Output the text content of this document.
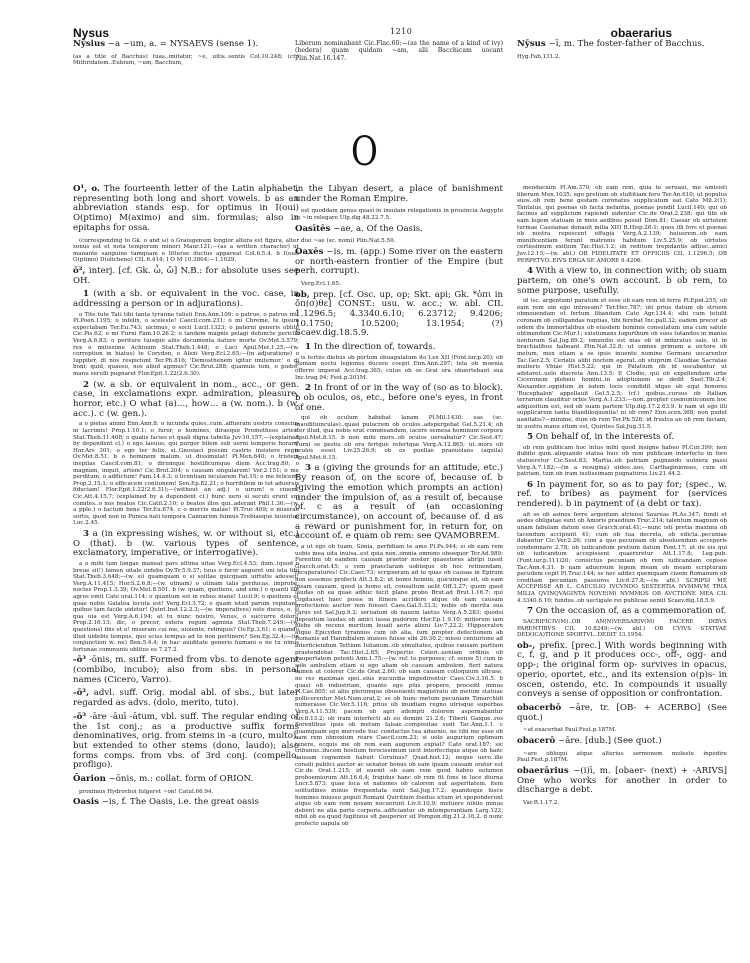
Nysus	1210	obaerarius
Nȳsius ~a ~um, a. = NYSAEVS (sense 1).
(as a title of Bacchus) tuas..imitatur, ~e, uitis..sentis Col.10.248; (cf.) Mithridatem..Eubium, ~um, Bacchum,
Liberum nominabant Cic.Flac.60;—(as the name of a kind of ivy) (hedera) quam quidam ~am, alii Bacchicam uocant Plin.Nat.16.147.
Nȳsus ~ī, m. The foster-father of Bacchus.
Hyg.Fab.131.2.
O
O¹, o. The fourteenth letter of the Latin alphabet, representing both long and short vowels. b as an abbreviation stands esp. for optimus in I(oui) O(ptimo) M(aximo) and sim. formulas; also in epitaphs for ossa.
(corresponding to Gk. o and ω) o Graiugenum longior altera est figura, alter sonus est et nota temporum minori Maur.121;—(as a written character) ut manante sanguine tamquam o litterae ductus appareat Col.6.5.4. b I(oui) O(ptimo) D(olicheno) CIL 6.414; I O M 10.3804;—1.1029.
ō², interj. [cf. Gk. ὦ, ὤ] N.B.: for absolute uses see OH.
1 (with a sb. or equivalent in the voc. case, in addressing a person or in adjurations).
o Tite tute Tati tibi tanta tyranne tulisti Enn.Ann.109; o patrue, o patrue mi! Pl.Poen.1195; o infelix, o sceleste! Caecil.com.231; o mi Chreme, te ipsum expectabam Ter.Eu.743; uicimus, o socii Lucil.1323; o paterni generis oblite Cic.Pis.62; o mi Furni Fam.10.26.2; o tandem magnis pelagi defuncte periclis Verg.A.6.83; o periture tuisque aliis documenta dature morte Ov.Met.3.579; rex o mitissime Achiuum Stat.Theb.1.448; o Luci Apul.Met.1.25;—(w. correption in hiatus) te Corydon, o Alexi Verg.Ecl.2.65;—(in adjurations) o Iuppiter, di nos respiciunt Ter.Ph.816; 'Demosthenem igitur imitemur.' o di boni; quid, quaeso, nos aliud agimus? Cic.Brut.288; quamuis tum, o pudor, manu serulli pugnaret Flor.Epit.1.22(2.6.30).
2 (w. a sb. or equivalent in nom., acc., or gen. case, in exclamations expr. admiration, pleasure, horror, etc.) O what (a)…, how… a (w. nom.). b (w. acc.). c (w. gen.).
a o pietas animi Enn.Ann.8; o iucunda quies..cum..affueram uestris conscius in lacrimis! Prop.1.10.1; o furor, o homines, diraeque Prometheos artes! Stat.Theb.11.468; o qualis facies et quali digna tabella Juv.10.157;—(explained by dependent cl.) o ego laeuus, qui purgor bilem sub uerni temporis horam! Hor.Ars 301; o ego ter felix, si..Gnosiaci possim castris insistere regis Ov.Met.8.51. b o hominem malum, ut dissimulat! Pl.Men.640; o tristem ineptias Caecil.com.81; o dirumque hostificumque diem Acc.trag.80; o magnam, inquit, artem! Cic.Brut.204; o causam singularem! Ver.2.151; o me perditum, o adflictum! Fam.14.4.3; o licentiam iocularem Fat.15; o me felicem! Prop.2.15.1; o efficacem contionem! Sen.Ep.82.21; o horribilem in tot aduersis fiduciam! Flor.Epit.1.22(2.6.31);—(without an adj.) o uirum! o ciuem! Cic.Att.4.15.7; (explained by a dependent cl.) hunc uero si secuti erunt sui comites..o nos beatos Cic.Catil.2.10; o beatos illos qui..aderant Phil.1.36;—(w. a pple.) o factum bene Ter.Eu.674. c o mercis malae! Pl.Truc.409; o miserae sortis, quod non in Punica nati tempora Cannarum fuimus Trebiaeque iuuentus Luc.2.45.
3 a (in expressing wishes, w. or without si, etc.) O (that). b (w. various types of sentence, exclamatory, imperative, or interrogative).
a o mihi tum longae maneat pars ultima uitae Verg.Ecl.4.53; dum..(quod o breue sit!) lumen uitale uidebo Ov.Tr.5.9.37; tuus o furor auguret uni ista tibi Stat.Theb.3.648;—(w. si) quamquam o si solitae quicquam uirtutis adesset! Verg.A.11.415; Hor.S.2.6.8;—(w. utinam) o utinam talis perducas, improbe, noctes Prop.1.3.39; Ov.Met.8.501. b (w. quam, quotiens, and sim.) o quanti ille agros emit Cato orat.114; o quantum est in rebus inane! Lucil.9; o quotiens et quae nobis Galatea locuta est! Verg.Ecl.3.72; o quam istud parum reputant, quibus tam facile uidetur! Quint.Inst.12.2.3;—(w. imperatives) este duces, o, si qua uia est Verg.A.6.194; at tu nunc nostro, Venus, o succurre dolori! Prop.2.16.13; dic, o precor, extera regum agmina Stat.Theb.7.249;—(w. questions) ibis et o! miseram cui me, uiolente, relinquis? Ov.Ep.3.61; o quando illud uidebis tempus, quo scies tempus ad te non pertinere? Sen.Ep.32.4;—(in conjunction w. ne) Ben.5.4.4; in hac auiditate generis humani o ne tu nimis fortunae communis oblitus es 7.27.2.
-ō³ -ōnis, m. suff. Formed from vbs. to denote agent (combibo, incubo); also from sbs. in personal names (Cicero, Varro).
-ō², advl. suff. Orig. modal abl. of sbs., but later regarded as advs. (dolo, merito, tuto).
-ō³ -āre -āuī -ātum, vbl. suff. The regular ending of the 1st conj.; as a productive suffix forms denominatives, orig. from stems in -a (curo, multo), but extended to other stems (dono, laudo); also forms comps. from vbs. of 3rd conj. (compello, profligo).
Ōarion ~ōnis, m.: collat. form of ORION.
proximus Hydrochoi fulgeret ~on! Catul.66.94.
Oasis ~is, f. The Oasis, i.e. the great oasis
in the Libyan desert, a place of banishment under the Roman Empire.
est quoddam genus quasi in insulam relegationis in prouincia Aegypto in ~in relegare Ulp.dig.48.22.7.5.
Oasītēs ~ae, a. Of the Oasis.
duo ~ae (sc. nomi) Plin.Nat.5.50.
Oaxēs ~is, m. (app.) Some river on the eastern or north-eastern frontier of the Empire (but perh. corrupt).
Verg.Ecl.1.65.
ob, prep. [cf. Osc. up, op; Skt. api; Gk. *ὀπι in ὄπ(σ)θε] CONST.: usu. w. acc.; w. abl. CIL 1.1296.5; 4.3340.6.10; 6.23712; 9.4206; 10.1750; 10.5200; 13.1954; (?) Scaev.dig.18.5.9.
1 In the direction of, towards.
is tertiis diebus ob portum obuagulatum ito Lex XII (Font.iur.p.20); ob Romam noctu legiones ducere coepit Enn.Ann.297; tela ob moenia offerre imperat Acc.trag.365; culus ob os Grai ora obuertebant sua Inc.trag.94; Fest.p.201M.
2 In front of or in the way of (so as to block). b ob oculos, os, etc., before one's eyes, in front of one.
qui ob oculum habebat lanam Pl.Mil.1430; eas (sc. inauditiunculas)..quasi pulucrem ob oculos..adspergebat Gel.5.21.4; ob iter illud, qua nobis erat commeandum, iacere semesa hominum corpora Apul.Met.8.15. b non mihi mors..ob oculos uersabatur? Cic.Sest.47; Turni se pestis ob ora fertque refertque Verg.A.12.865; ut..mors ob oculos esset Liv.25.26.9; ob os puellae praeuolans (aquila) Apul.Met.6.15.
3 a (giving the grounds for an attitude, etc.) By reason of, on the score of, because of. b (giving the emotion which prompts an action) under the impulsion of, as a result of, because of. c as a result of (an occasioning circumstance), on account of, because of. d as a reward or punishment for, in return for, on account of. e quam ob rem: see QVAMOBREM.
a ut ego ob tuam, Simia, perfidiam te amo Pl.Ps.944; si ob eam rem uobis mea uita inuisa..est quia non..omnia omnino obsequor Ter.Ad.989; Ferentini ob eandem causam praetor noster quaestores abripi iussit Gracch.orat.45; o rem praeclaram uobisque ob hoc retinendam, recuperatores! Cic.Caec.73; scripseram ad te quas ob causas in Epirum non essemus profecti Att.3.8.2; ut homo homini, quicumque sit, ob eam ipsam causam, quod is homo sit, consultum uelit Off.3.27; quem quod laudas ob ea quae adhuc fecit plane probo Brut.ad Brut.1.16.7; qui cogitasset haec posse in itinere accidere atque ob eam causam profectionis auctor non fuisset Caes.Gal.5.33.2; nobis ob merita sua carus est Sal.Jug.9.2; seruatum ob nauem laetus Verg.A.5.283; quodsi depositum laudas ob amici iussa pudorem Hor.Ep.1.9.10; mitiorem iam plebe ob recens meritum leuati aeris alieni Liv.7.22.2; Hippocraten atque Epicyden tyrannos cum ob alia, tum propter defectionem ab Romanis ad Hannibalem inuisos fuisse sibi 26.30.2; misso centurione ad interficiendum Tettium Iulianum..ob simultates, quibus causam partium praetendebat Tac.Hist.2.85; Propertio Celeri..ueniam ordinis ob paupertatem petenti Ann.1.75;—(w. ref. to purposes; cf. sense 5) cum in sole ambulem etiam si ego aliam ob causam ambulem, fieri natura tamen ut colorer Cic.de Orat.2.60; ob eam causam colloquium ultrase, ne res maximae spei..eius iracundia impedirentur Caes.Civ.3.16.5. b quasi ob industriam, quanto ego plus propero, procedit minus Pl.Cas.805; ut aliis plerumque obuenienti magistratu ob metum statuae pollicerentur Met.Num.orat.2; se ob hunc metum pecuniam Timarchidi numerasse Cic.Ver.5.116; prius ob inuidiam regno utrisque superbas Verg.A.11.539; pacem ob agri adempti dolorem aspernabantur Liv.8.13.2; ob iram interfecti ab eo domini 21.2.6; Tiberii Gaique..res florentibus ipsis ob metum falsae..compositae sunt Tac.Ann.1.1. c quamquam ego mercede huc conductus tua aduenio, ne tibi me esse ob eam rem obnoxium reare Caecil.com.23; si uolo augurium optimum tenere, ecquis me ob rem eam augurem expiat? Cato orat.187; sic tribunus..ducem hostium ferocissimum uicit interfecitque atque ob hanc causam cognomen habuit Coruinus? Quad.hist.12; neque uero..ille consili publici auctor ac senator bonus ob eam ipsam causam orator est Cic.de Orat.1.215; id euenit ob eam rem quod habeo uolumen proboemiorum Att.16.6.4; frigidus hanc ob rem fit fons in luce diurna Lucr.5.873; quae loca et nationes ob calorem aut asperitatem, item solitudines minus frequentata sunt Sal.Jug.17.2; quandoque hisce homines iniussu populi Romani Quiritium foedus ictum iri spoponderunt atque ob eam rem noxam nocuerunt Liv.9.10.9; metuere nihilo minus debent ne alia parte corporis..adficiantur ob intemperantiam Larg.122; nihil ob ea quod fugitiuus sit pauperior sit Pompon.dig.21.2.16.2. d nunc profecto uapula ob
mendacium Pl.Am.370; ob eam rem, quia te seruaui, me amisisti liberum Men.1035; ego pretium ob stultitiam fero Ter.An.610; ut populus suos..ob rem bene gestam coronatus supplicatum eat Cato Mil.2(1); Tantalus, qui poenas ob facta nefantia, poenas pendit Lucil.140; qui ob facinus ad supplicium rapiendi uidentur Cic.de Orat.2.238; qui tibi ob eam legem statuam in meis aedibus posuit Dom.81; Caesar ob uirtutem turmae Cassianae donauit milia XIII B.Hisp.26.1; quos illi fors et poenas ob nostra reposcent effugia Verg.A.2.139; huiusrem..ob eam munificentiam ferunt matronis habitum Liv.5.25.9; ob uirtutes certissimum exitium Tac.Hist.1.2; ob reditum trepidantis adhuc..amici Juv.12.15;—(w. abl.) OB FIDELITATE ET OFFICIIS CIL 1.1296.5; OB PERPETVO..EIVS ERGA SE AMORE 9.4206.
4 With a view to, in connection with; ob suam partem, on one's own account. b ob rem, to some purpose, usefully.
id (sc. argentum) paratum et esse ob eam rem id ferre Pl.Epid.255; ob eam rem uin ego introeam? Ter.Hec.787; uti prius datum ob struem obmouendam et fertum libandum Cato Agr.134.4; sibi cum tetulit coronam ob colligandas nuptias, tibi ferebat Inc.pall.32; eadem precor ab isdem dis immortalibus ob eiusdem hominis consulatum una cum salute obtinendum Cic.Mur.1; existumans Iugurthum ob suos tutandos in manus uenturum Sal.Jug.89.2; emundio est mas ob id induratus sale, ut in brachialibus habeant Plin.Nat.32.8; ut omnes primum a uictore ob metum, mox etiam a se ipsis inuento nomine Germani uocarentur Tac.Ger.2.5; Cerialis alibi noctem egerat..ob stuprum Claudiae Sacratae mulieris Vbiae Hist.5.22; qui in Palatium ob id uocabantur ut adstaret..uelo discreta Ann.13.5; P. Clodio, qui ob expellendum urbe Ciceronem plebeio homini..in adoptionem se dedit Suet.Tib.2.4; Alexander..oppidum in isdem locis condidit idque ob equi honores 'Bucephalon' appellauit Gel.5.2.5; (cf.) quibus..cursus ob Italiam terrarum clauditur orbis Verg.A.1.233;—non..propter coemuniiconem hoc adquisitum est, sed ob suam partem Ulp.dig.17.2.63.9. b nam ut ego illi supplicarem tanta blandiloquentia! ni ob rem? Enn.scen.368; non pudet uanitatis?—minime, dum ob rem Ter.Ph.526; id frustra an ob rem faciam, in uostra manu situm est, Quirites Sal.Jug.31.5.
5 On behalf of, in the interests of.
ob rem publicam hoc intus mihi quod insigne habeo Pl.Cur.399; non dubito quin..aliquando statua huic ob rem publicam interfecto in foro statueretur Cic.Sest.83; Martia..ob patriam pugnando uulnera passi Verg.A.7.182;—(in a resugma) uideo..uos, Carthaginienses, cum ob patriam, tum ob iram iustissimam pugnaturos Liv.21.44.2.
6 In payment for, so as to pay for; (spec., w. ref. to bribes) as payment for (services rendered). b in payment of (a debt or tax).
ait se ob asinos ferre argentum atriensi Saureas Pl.As.347; fundi et aedes obligatae sunt ob Amoris praedium Truc.214; talentum magnum ob unam fabulam datum esse Gracch.orat.41;—nunc isti pretia maxima ob tacendum accipiunt 41; cum ob tua decreta, ob edicta..pecuniae dabantur Cic.Ver.2.26; cum a quo pecuniam ob absoluendum acceperis condemnare 2.78; ob iudicandum pretium datum Font.17; ut de eis qui ob iudicandum accepissent quaereretur Att.1.17.8; Leg.pub.(Font.iur.p.111)20; conuictus pecuniam ob rem iudicandam cepisse Tac.Ann.4.31. b nam aduersum legem meam ob meam scripturam pecudem cepit Pl.Truc.144; se nec addici quemquam ciuem Romanum ob creditam pecuniam passuros Liv.6.27.8;—(w. abl.) SCRIPSI ME ACCEPISSE AB L. CAECILIO IVCVNDO SESTERTIA NVMMVM TRIA MILIA QVINQVAGINTA NOVE(M) NVMMOS OB AVCTIONE MEA CIL 4.3340.6.10; fundus..ob uectigale rei publicae ueniit Scaev.dig.18.5.9.
7 On the occasion of, as a commemoration of.
SACRIFICIV(M)..OB AN(N)VERSARIV(M) FACERE DIBVS PARENTIBVS CIL 10.8249;—(w. abl.) OB CVIVS STATVAE DED(ICA)TIONE SPORTVL..DEDIT 13.1954.
ob-, prefix. [prec.] With words beginning with c, f, g, and p it produces occ-, off-, ogg- and opp-; the original form op- survives in opacus, operio, oportet, etc., and its extension o(p)s- in oscen, ostendo, etc. In compounds it usually conveys a sense of opposition or confrontation.
obacerbō ~āre, tr. [OB- + ACERBO] (See quot.)
~at exacerbat Paul.Fest.p.187M.
obacerō ~āre. [dub.] (See quot.)
~are obloqui atque alterius sermonem moleste inpedire Paul.Fest.p.187M.
obaerārius ~(i)ī, m. [obaer- (next) + -ARIVS] One who works for another in order to discharge a debt.
Var.R.1.17.2.
